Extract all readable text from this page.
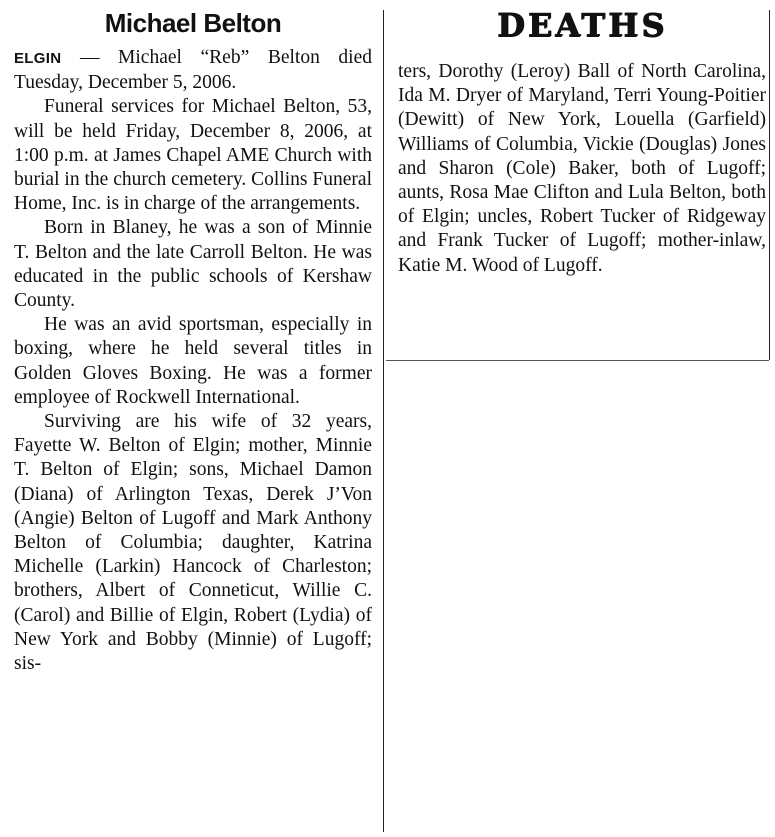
Michael Belton

ELGIN — Michael “Reb” Belton died Tuesday, December 5, 2006.

Funeral services for Michael Belton, 53, will be held Friday, December 8, 2006, at 1:00 p.m. at James Chapel AME Church with burial in the church cemetery. Collins Funeral Home, Inc. is in charge of the arrangements.

Born in Blaney, he was a son of Minnie T. Belton and the late Carroll Belton. He was educated in the public schools of Kershaw County.

He was an avid sportsman, especially in boxing, where he held several titles in Golden Gloves Boxing. He was a former employee of Rockwell International.

Surviving are his wife of 32 years, Fayette W. Belton of Elgin; mother, Minnie T. Belton of Elgin; sons, Michael Damon (Diana) of Arlington Texas, Derek J’Von (Angie) Belton of Lugoff and Mark Anthony Belton of Columbia; daughter, Katrina Michelle (Larkin) Hancock of Charleston; brothers, Albert of Conneticut, Willie C. (Carol) and Billie of Elgin, Robert (Lydia) of New York and Bobby (Minnie) of Lugoff; sis-

DEATHS

ters, Dorothy (Leroy) Ball of North Carolina, Ida M. Dryer of Maryland, Terri Young-Poitier (Dewitt) of New York, Louella (Garfield) Williams of Columbia, Vickie (Douglas) Jones and Sharon (Cole) Baker, both of Lugoff; aunts, Rosa Mae Clifton and Lula Belton, both of Elgin; uncles, Robert Tucker of Ridgeway and Frank Tucker of Lugoff; mother-inlaw, Katie M. Wood of Lugoff.
